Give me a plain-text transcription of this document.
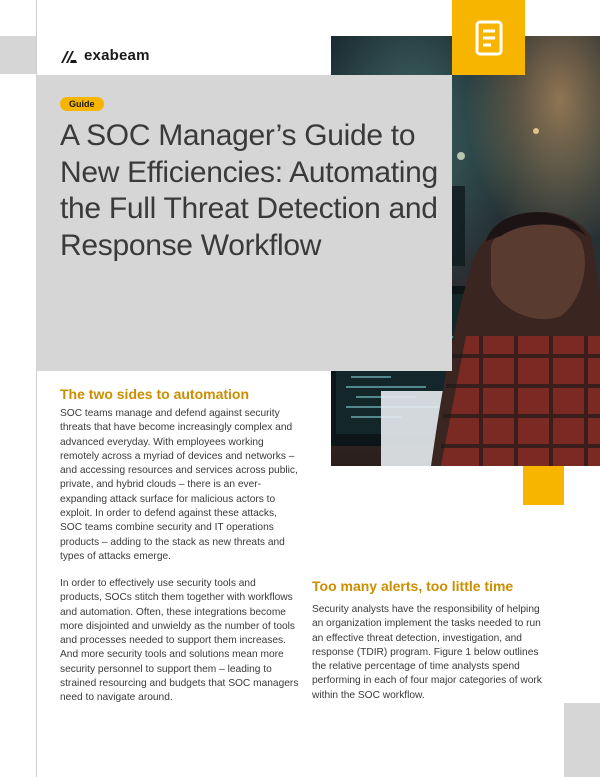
exabeam
Guide
A SOC Manager’s Guide to New Efficiencies: Automating the Full Threat Detection and Response Workflow
The two sides to automation

SOC teams manage and defend against security threats that have become increasingly complex and advanced everyday. With employees working remotely across a myriad of devices and networks – and accessing resources and services across public, private, and hybrid clouds – there is an ever-expanding attack surface for malicious actors to exploit. In order to defend against these attacks, SOC teams combine security and IT operations products – adding to the stack as new threats and types of attacks emerge.

In order to effectively use security tools and products, SOCs stitch them together with workflows and automation. Often, these integrations become more disjointed and unwieldy as the number of tools and processes needed to support them increases. And more security tools and solutions mean more security personnel to support them – leading to strained resourcing and budgets that SOC managers need to navigate around.

Too many alerts, too little time

Security analysts have the responsibility of helping an organization implement the tasks needed to run an effective threat detection, investigation, and response (TDIR) program. Figure 1 below outlines the relative percentage of time analysts spend performing in each of four major categories of work within the SOC workflow.
